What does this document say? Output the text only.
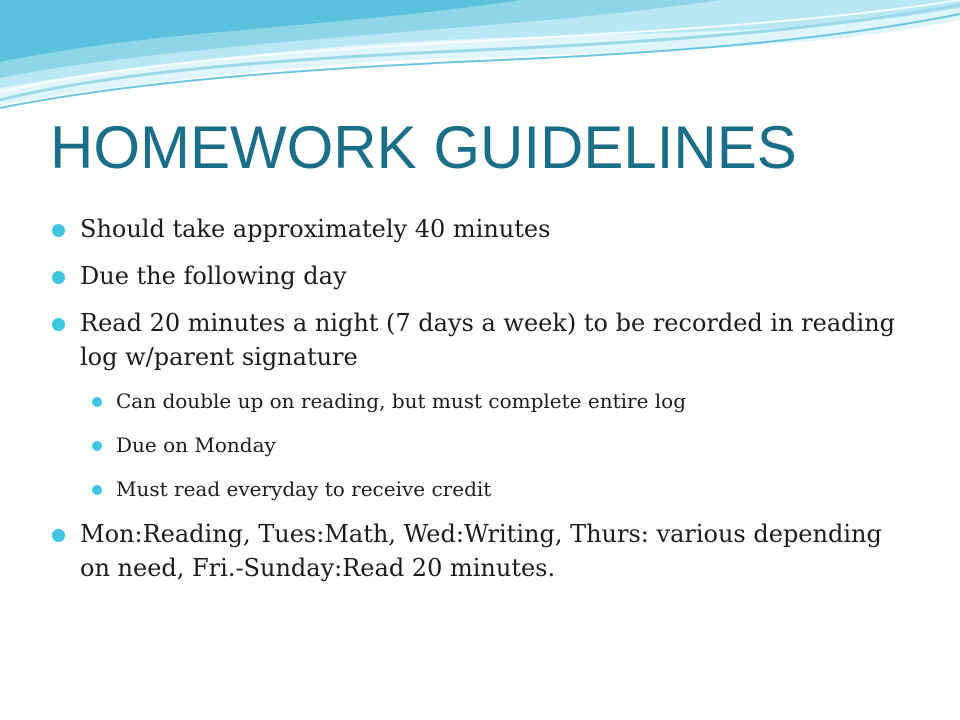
HOMEWORK GUIDELINES
Should take approximately 40 minutes
Due the following day
Read 20 minutes a night (7 days a week) to be recorded in reading log w/parent signature
Can double up on reading, but must complete entire log
Due on Monday
Must read everyday to receive credit
Mon:Reading, Tues:Math, Wed:Writing, Thurs: various depending on need, Fri.-Sunday:Read 20 minutes.
